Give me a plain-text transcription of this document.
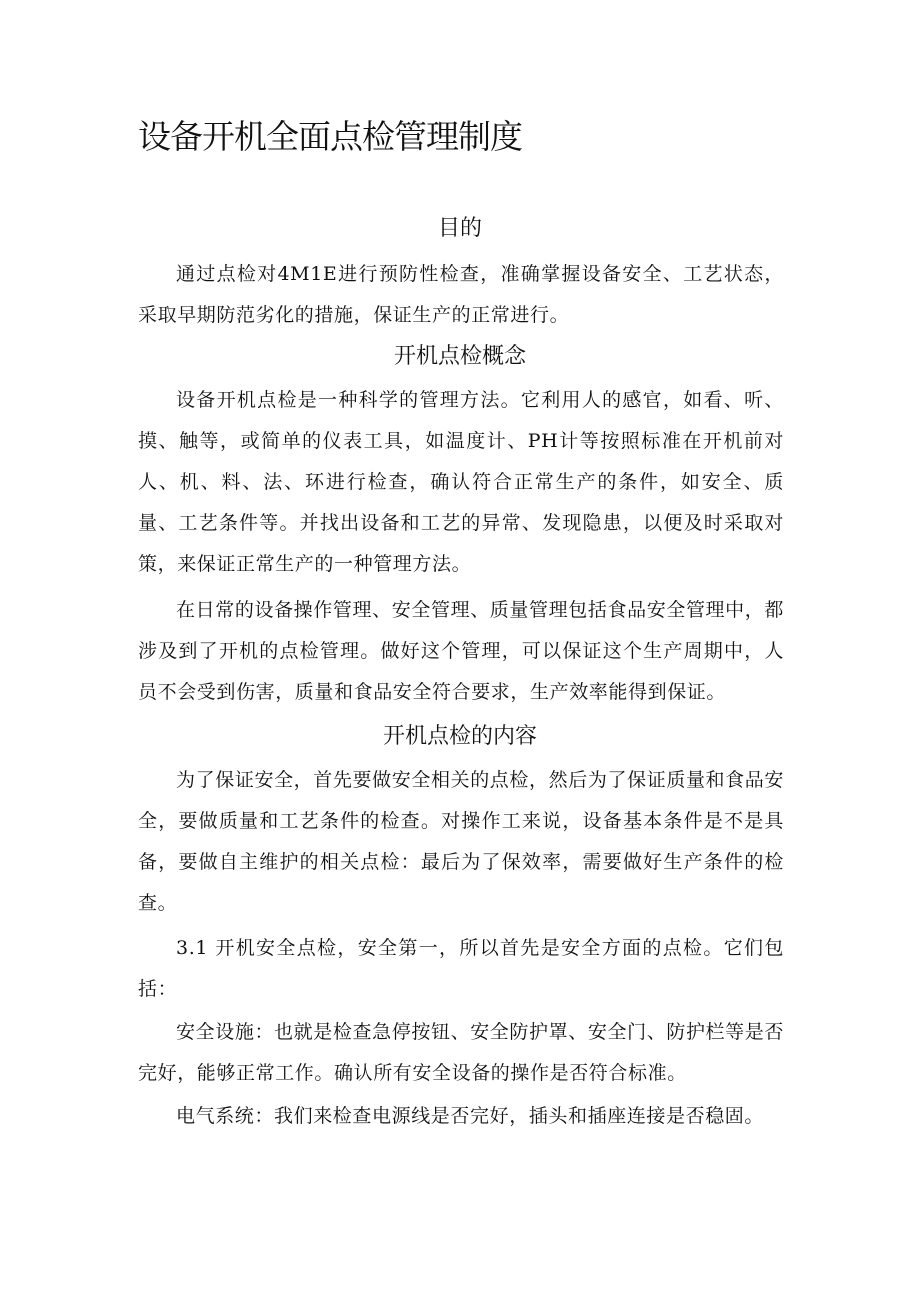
设备开机全面点检管理制度
目的

通过点检对4M1E进行预防性检查，准确掌握设备安全、工艺状态，采取早期防范劣化的措施，保证生产的正常进行。

开机点检概念

设备开机点检是一种科学的管理方法。它利用人的感官，如看、听、摸、触等，或简单的仪表工具，如温度计、PH计等按照标准在开机前对人、机、料、法、环进行检查，确认符合正常生产的条件，如安全、质量、工艺条件等。并找出设备和工艺的异常、发现隐患，以便及时采取对策，来保证正常生产的一种管理方法。

在日常的设备操作管理、安全管理、质量管理包括食品安全管理中，都涉及到了开机的点检管理。做好这个管理，可以保证这个生产周期中，人员不会受到伤害，质量和食品安全符合要求，生产效率能得到保证。

开机点检的内容

为了保证安全，首先要做安全相关的点检，然后为了保证质量和食品安全，要做质量和工艺条件的检查。对操作工来说，设备基本条件是不是具备，要做自主维护的相关点检：最后为了保效率，需要做好生产条件的检查。

3.1 开机安全点检，安全第一，所以首先是安全方面的点检。它们包括：

安全设施：也就是检查急停按钮、安全防护罩、安全门、防护栏等是否完好，能够正常工作。确认所有安全设备的操作是否符合标准。

电气系统：我们来检查电源线是否完好，插头和插座连接是否稳固。
